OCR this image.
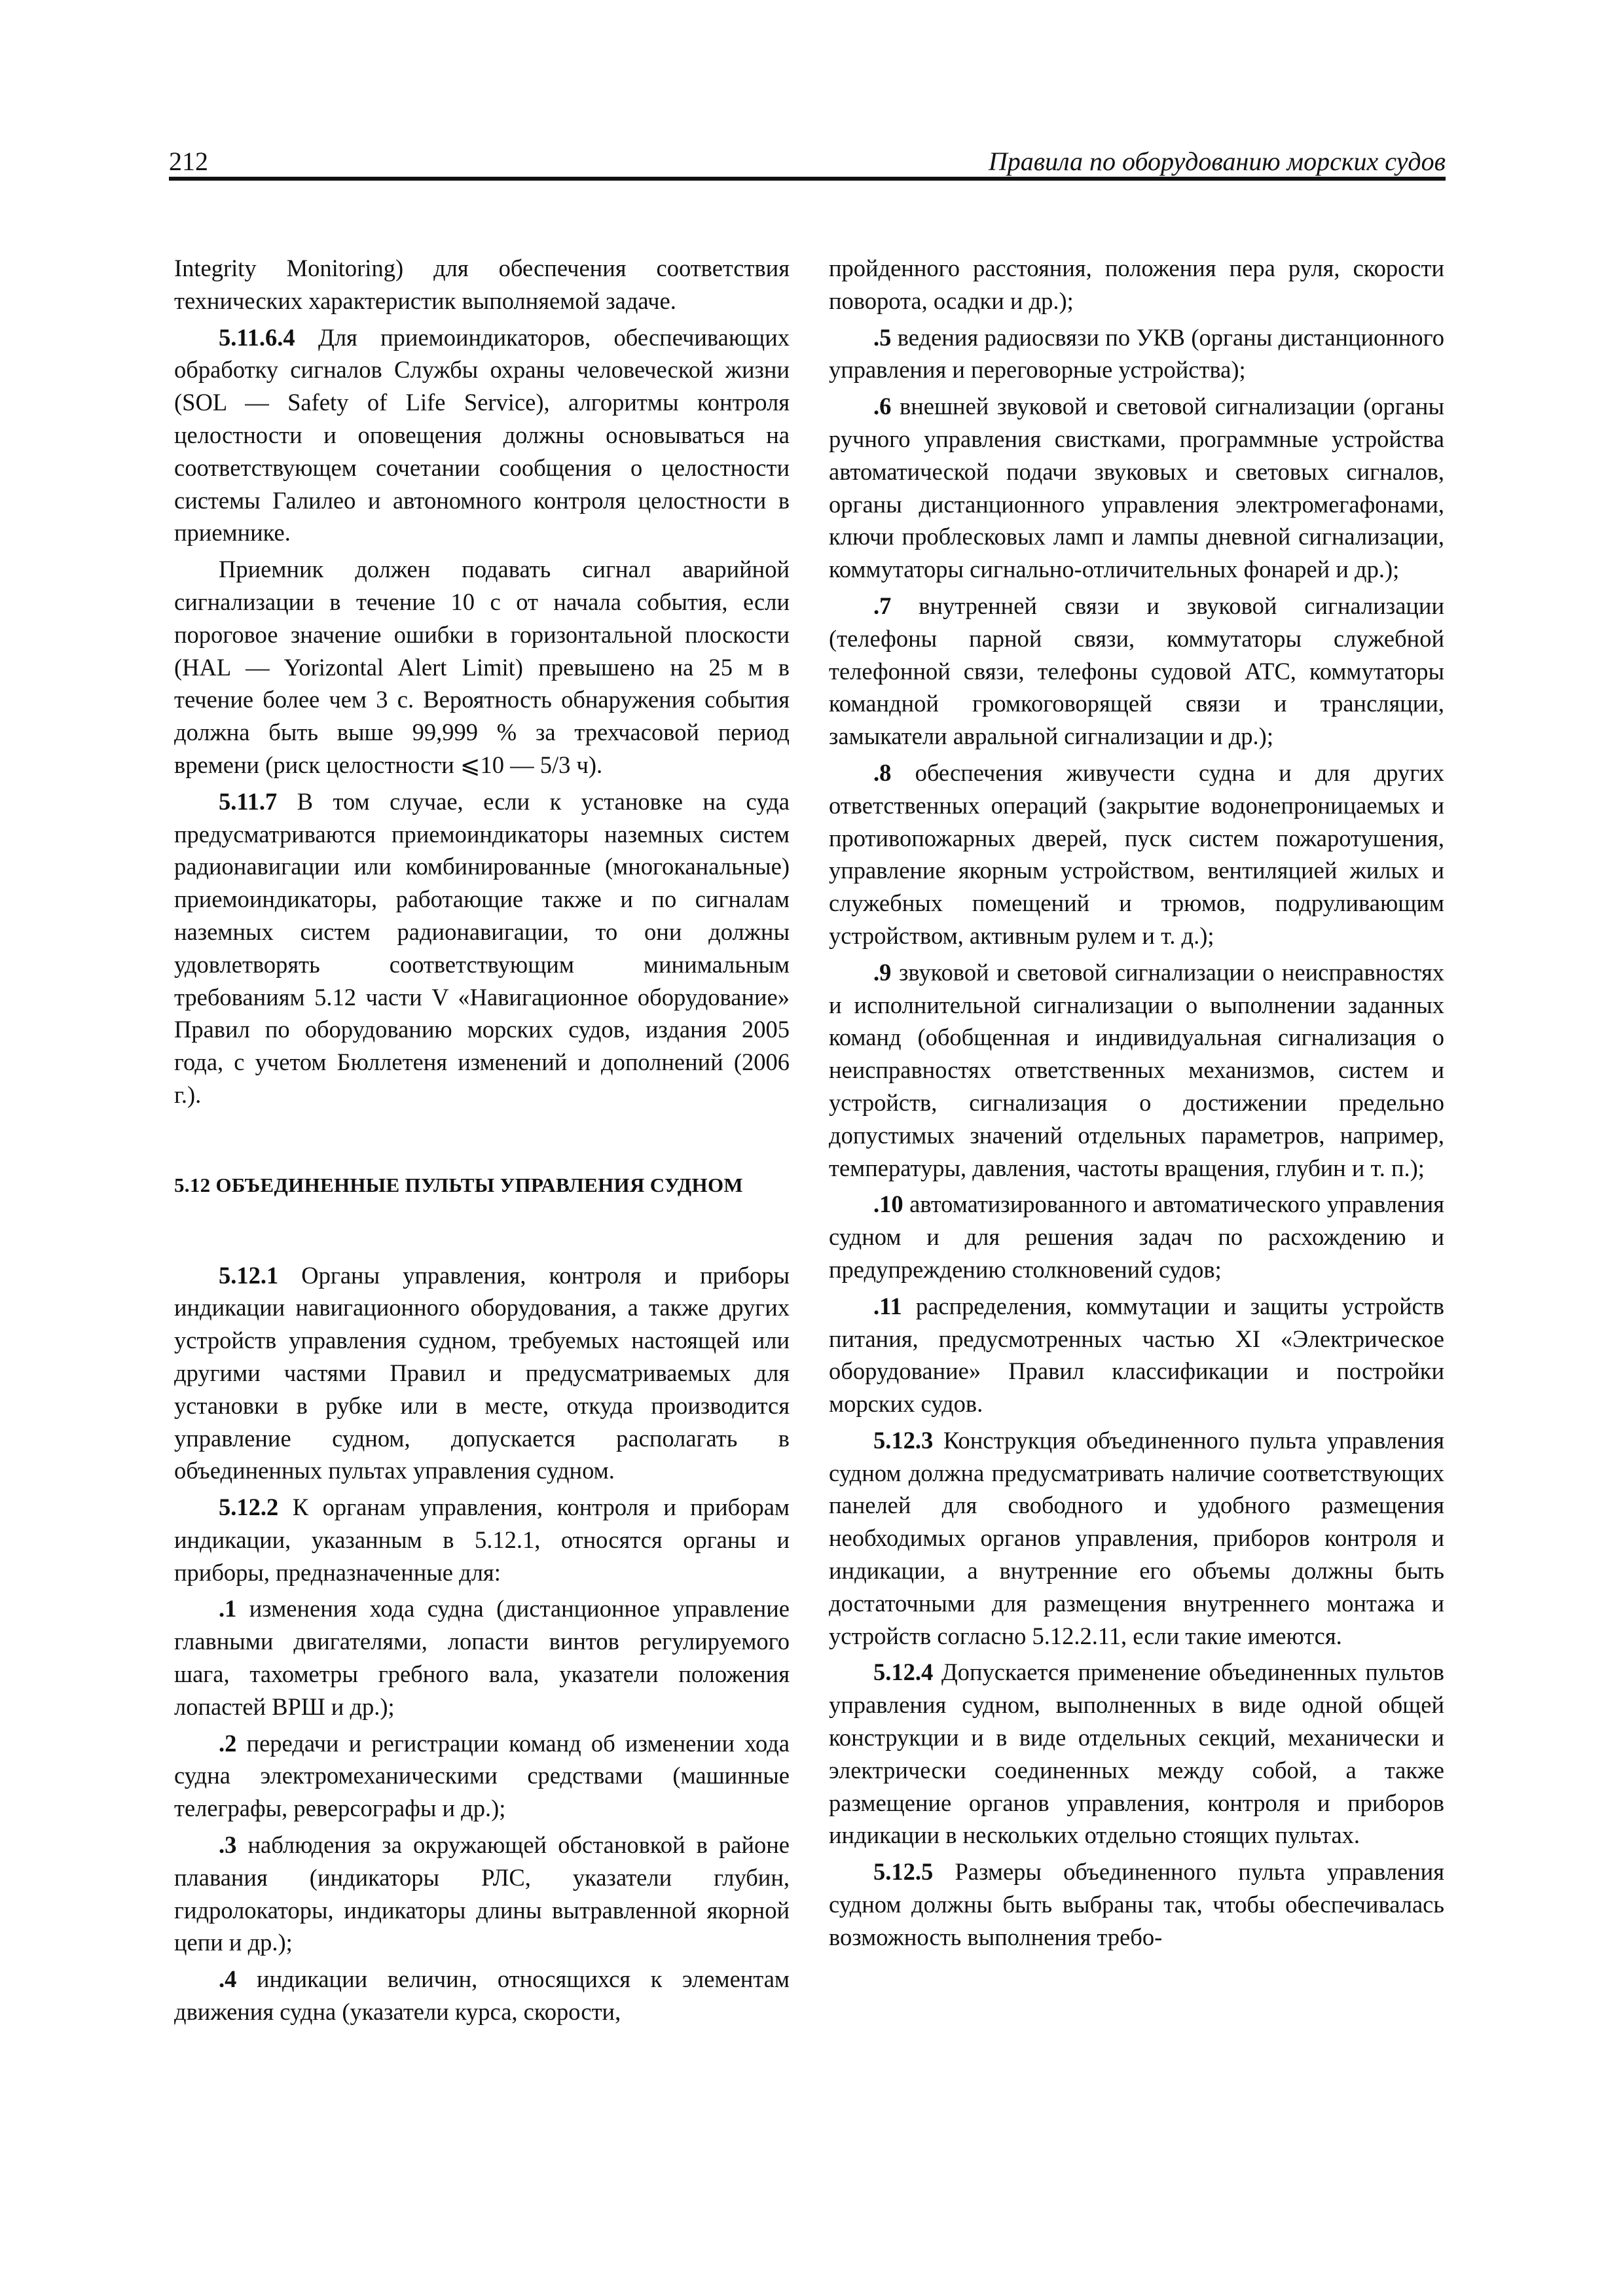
212	Правила по оборудованию морских судов

Integrity Monitoring) для обеспечения соответствия технических характеристик выполняемой задаче.

5.11.6.4 Для приемоиндикаторов, обеспечивающих обработку сигналов Службы охраны человеческой жизни (SOL — Safety of Life Service), алгоритмы контроля целостности и оповещения должны основываться на соответствующем сочетании сообщения о целостности системы Галилео и автономного контроля целостности в приемнике.

Приемник должен подавать сигнал аварийной сигнализации в течение 10 с от начала события, если пороговое значение ошибки в горизонтальной плоскости (HAL — Yorizontal Alert Limit) превышено на 25 м в течение более чем 3 с. Вероятность обнаружения события должна быть выше 99,999 % за трехчасовой период времени (риск целостности ⩽10 — 5/3 ч).

5.11.7 В том случае, если к установке на суда предусматриваются приемоиндикаторы наземных систем радионавигации или комбинированные (многоканальные) приемоиндикаторы, работающие также и по сигналам наземных систем радионавигации, то они должны удовлетворять соответствующим минимальным требованиям 5.12 части V «Навигационное оборудование» Правил по оборудованию морских судов, издания 2005 года, с учетом Бюллетеня изменений и дополнений (2006 г.).

5.12 ОБЪЕДИНЕННЫЕ ПУЛЬТЫ УПРАВЛЕНИЯ СУДНОМ

5.12.1 Органы управления, контроля и приборы индикации навигационного оборудования, а также других устройств управления судном, требуемых настоящей или другими частями Правил и предусматриваемых для установки в рубке или в месте, откуда производится управление судном, допускается располагать в объединенных пультах управления судном.

5.12.2 К органам управления, контроля и приборам индикации, указанным в 5.12.1, относятся органы и приборы, предназначенные для:

.1 изменения хода судна (дистанционное управление главными двигателями, лопасти винтов регулируемого шага, тахометры гребного вала, указатели положения лопастей ВРШ и др.);

.2 передачи и регистрации команд об изменении хода судна электромеханическими средствами (машинные телеграфы, реверсографы и др.);

.3 наблюдения за окружающей обстановкой в районе плавания (индикаторы РЛС, указатели глубин, гидролокаторы, индикаторы длины вытравленной якорной цепи и др.);

.4 индикации величин, относящихся к элементам движения судна (указатели курса, скорости,

пройденного расстояния, положения пера руля, скорости поворота, осадки и др.);

.5 ведения радиосвязи по УКВ (органы дистанционного управления и переговорные устройства);

.6 внешней звуковой и световой сигнализации (органы ручного управления свистками, программные устройства автоматической подачи звуковых и световых сигналов, органы дистанционного управления электромегафонами, ключи проблесковых ламп и лампы дневной сигнализации, коммутаторы сигнально-отличительных фонарей и др.);

.7 внутренней связи и звуковой сигнализации (телефоны парной связи, коммутаторы служебной телефонной связи, телефоны судовой АТС, коммутаторы командной громкоговорящей связи и трансляции, замыкатели авральной сигнализации и др.);

.8 обеспечения живучести судна и для других ответственных операций (закрытие водонепроницаемых и противопожарных дверей, пуск систем пожаротушения, управление якорным устройством, вентиляцией жилых и служебных помещений и трюмов, подруливающим устройством, активным рулем и т. д.);

.9 звуковой и световой сигнализации о неисправностях и исполнительной сигнализации о выполнении заданных команд (обобщенная и индивидуальная сигнализация о неисправностях ответственных механизмов, систем и устройств, сигнализация о достижении предельно допустимых значений отдельных параметров, например, температуры, давления, частоты вращения, глубин и т. п.);

.10 автоматизированного и автоматического управления судном и для решения задач по расхождению и предупреждению столкновений судов;

.11 распределения, коммутации и защиты устройств питания, предусмотренных частью XI «Электрическое оборудование» Правил классификации и постройки морских судов.

5.12.3 Конструкция объединенного пульта управления судном должна предусматривать наличие соответствующих панелей для свободного и удобного размещения необходимых органов управления, приборов контроля и индикации, а внутренние его объемы должны быть достаточными для размещения внутреннего монтажа и устройств согласно 5.12.2.11, если такие имеются.

5.12.4 Допускается применение объединенных пультов управления судном, выполненных в виде одной общей конструкции и в виде отдельных секций, механически и электрически соединенных между собой, а также размещение органов управления, контроля и приборов индикации в нескольких отдельно стоящих пультах.

5.12.5 Размеры объединенного пульта управления судном должны быть выбраны так, чтобы обеспечивалась возможность выполнения требо-
